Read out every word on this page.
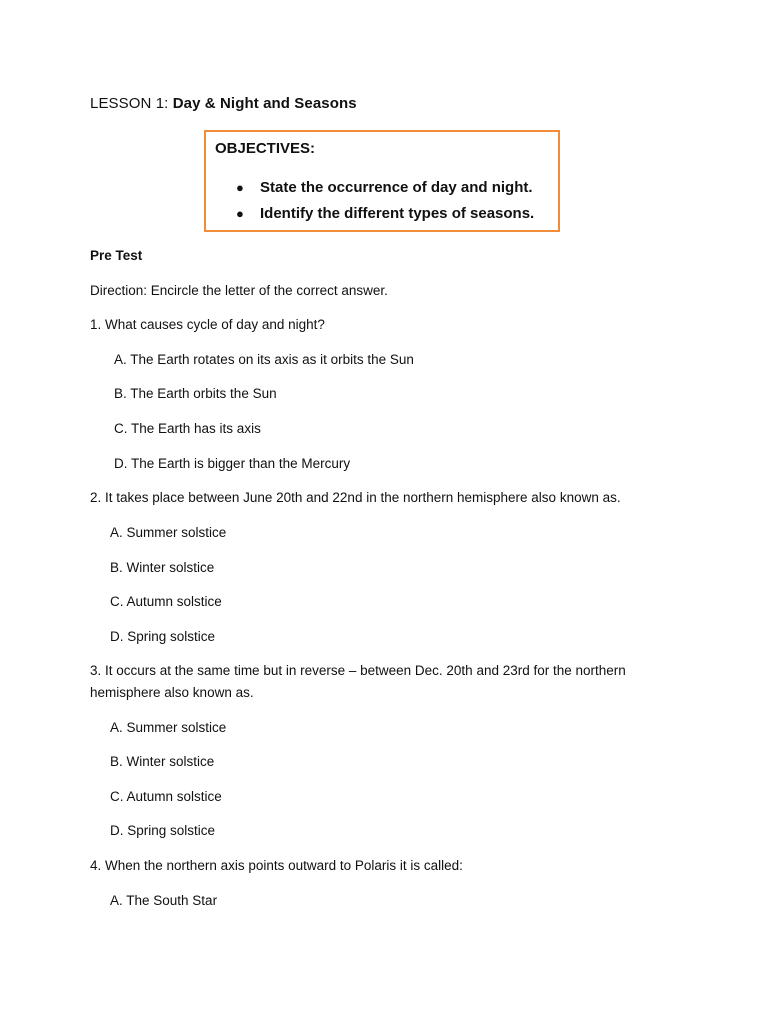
LESSON 1: Day & Night and Seasons
OBJECTIVES:
● State the occurrence of day and night.
● Identify the different types of seasons.
Pre Test
Direction: Encircle the letter of the correct answer.
1. What causes cycle of day and night?
A. The Earth rotates on its axis as it orbits the Sun
B. The Earth orbits the Sun
C. The Earth has its axis
D. The Earth is bigger than the Mercury
2. It takes place between June 20th and 22nd in the northern hemisphere also known as.
A. Summer solstice
B. Winter solstice
C. Autumn solstice
D. Spring solstice
3. It occurs at the same time but in reverse – between Dec. 20th and 23rd for the northern
hemisphere also known as.
A. Summer solstice
B. Winter solstice
C. Autumn solstice
D. Spring solstice
4. When the northern axis points outward to Polaris it is called:
A. The South Star
